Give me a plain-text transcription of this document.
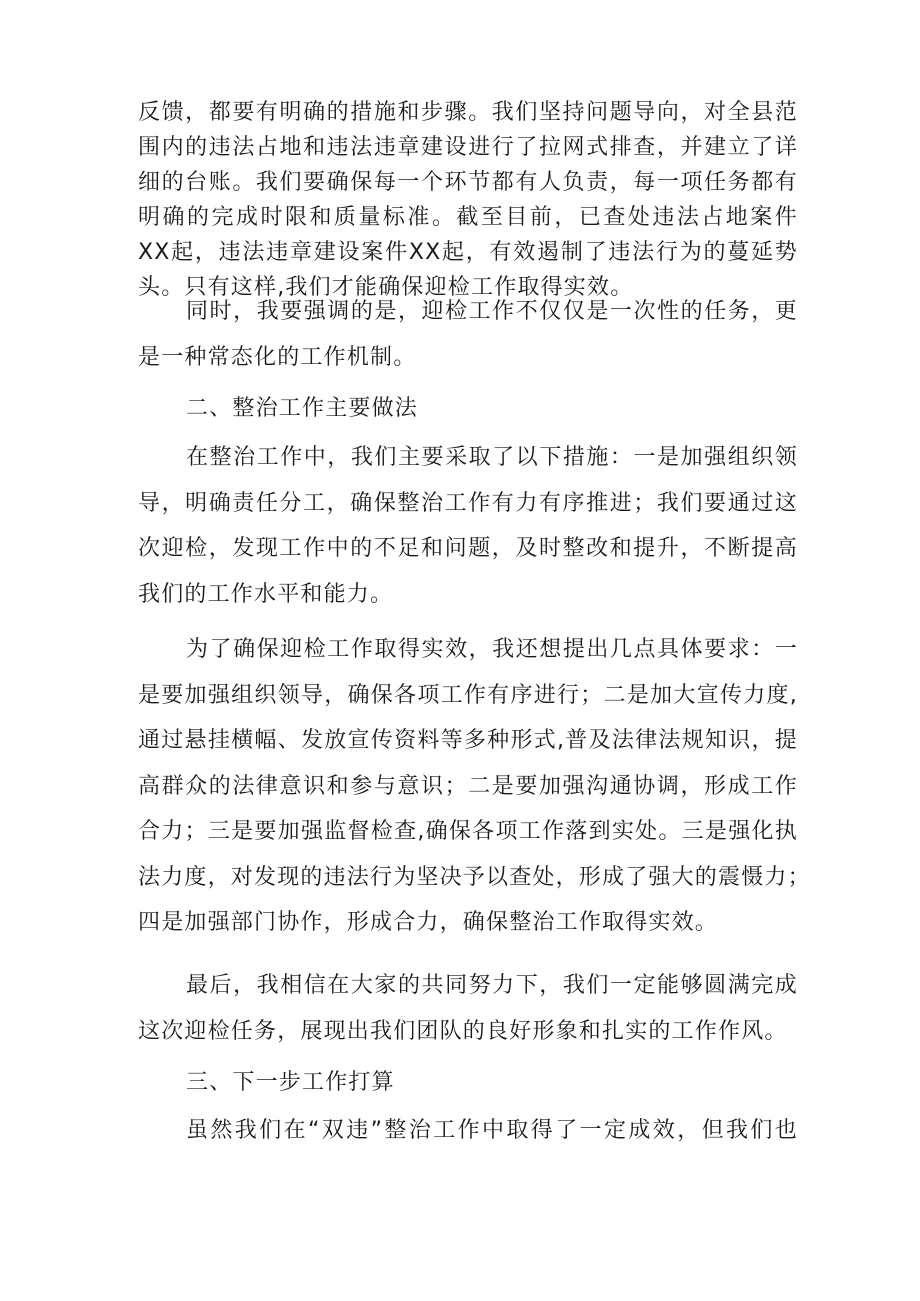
反馈，都要有明确的措施和步骤。我们坚持问题导向，对全县范
围内的违法占地和违法违章建设进行了拉网式排查，并建立了详
细的台账。我们要确保每一个环节都有人负责，每一项任务都有
明确的完成时限和质量标准。截至目前，已查处违法占地案件
XX起，违法违章建设案件XX起，有效遏制了违法行为的蔓延势
头。只有这样,我们才能确保迎检工作取得实效。
同时，我要强调的是，迎检工作不仅仅是一次性的任务，更
是一种常态化的工作机制。
二、整治工作主要做法
在整治工作中，我们主要采取了以下措施：一是加强组织领
导，明确责任分工，确保整治工作有力有序推进；我们要通过这
次迎检，发现工作中的不足和问题，及时整改和提升，不断提高
我们的工作水平和能力。
为了确保迎检工作取得实效，我还想提出几点具体要求：一
是要加强组织领导，确保各项工作有序进行；二是加大宣传力度,
通过悬挂横幅、发放宣传资料等多种形式,普及法律法规知识，提
高群众的法律意识和参与意识；二是要加强沟通协调，形成工作
合力；三是要加强监督检查,确保各项工作落到实处。三是强化执
法力度，对发现的违法行为坚决予以查处，形成了强大的震慑力；
四是加强部门协作，形成合力，确保整治工作取得实效。
最后，我相信在大家的共同努力下，我们一定能够圆满完成
这次迎检任务，展现出我们团队的良好形象和扎实的工作作风。
三、下一步工作打算
虽然我们在“双违”整治工作中取得了一定成效，但我们也
